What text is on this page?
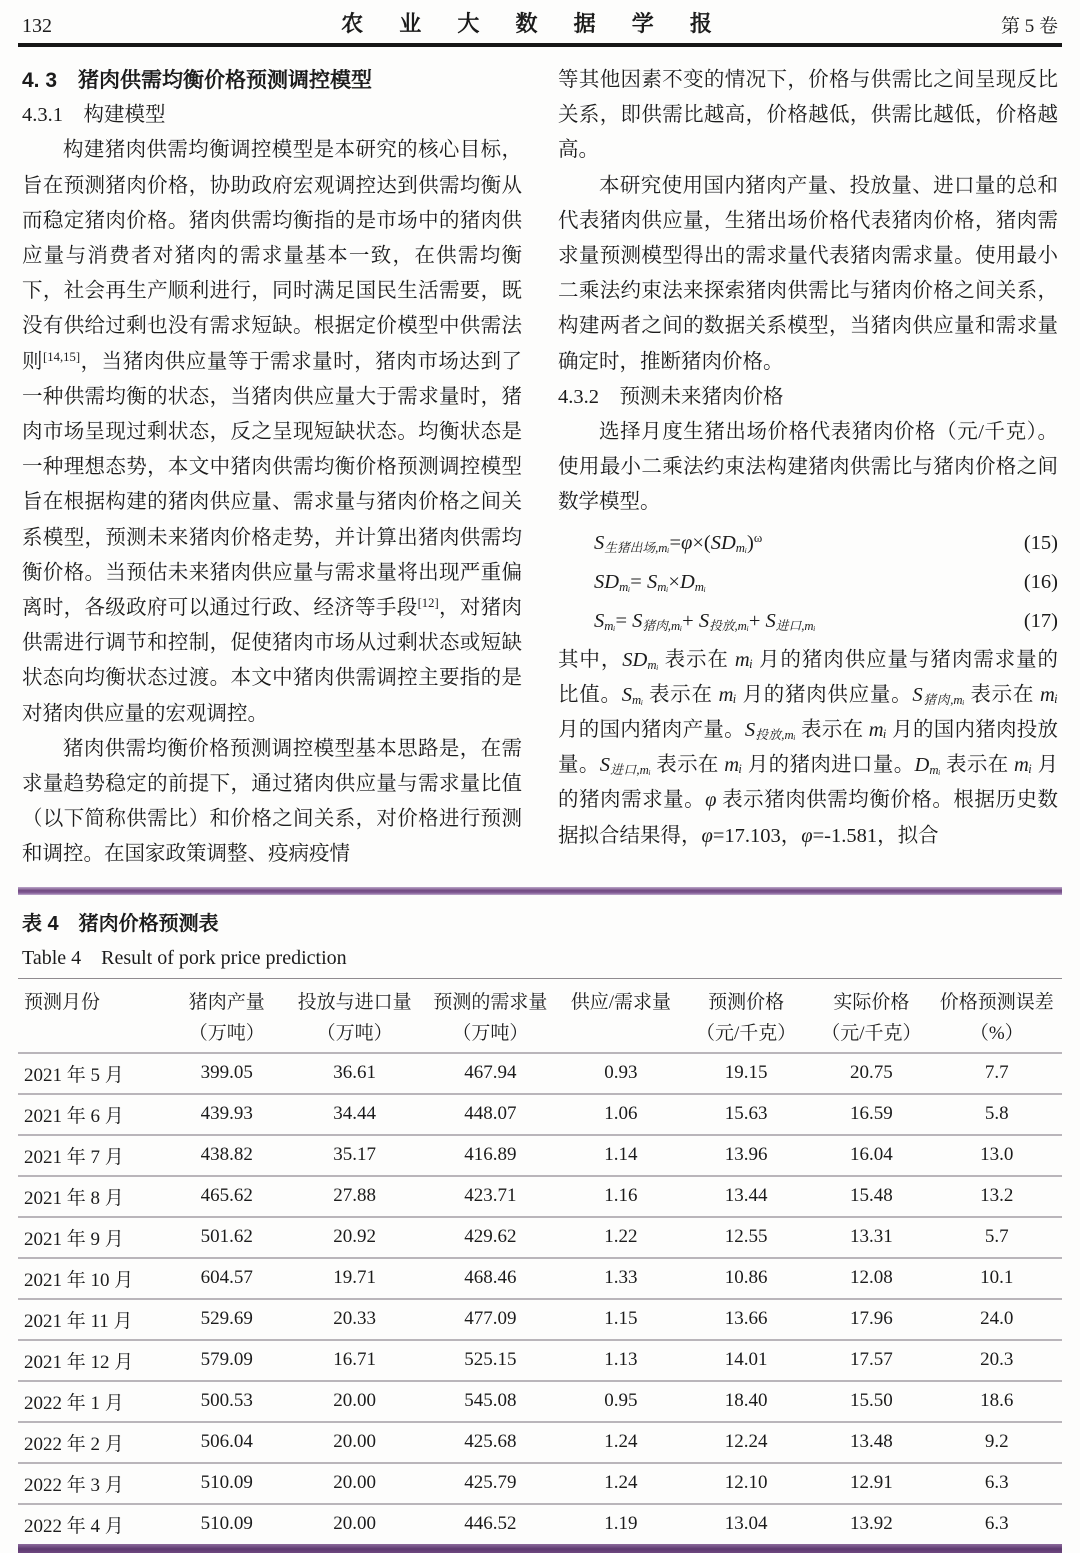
132	农 业 大 数 据 学 报	第 5 卷
4. 3　猪肉供需均衡价格预测调控模型
4.3.1　构建模型

构建猪肉供需均衡调控模型是本研究的核心目标，旨在预测猪肉价格，协助政府宏观调控达到供需均衡从而稳定猪肉价格。猪肉供需均衡指的是市场中的猪肉供应量与消费者对猪肉的需求量基本一致，在供需均衡下，社会再生产顺利进行，同时满足国民生活需要，既没有供给过剩也没有需求短缺。根据定价模型中供需法则[14,15]，当猪肉供应量等于需求量时，猪肉市场达到了一种供需均衡的状态，当猪肉供应量大于需求量时，猪肉市场呈现过剩状态，反之呈现短缺状态。均衡状态是一种理想态势，本文中猪肉供需均衡价格预测调控模型旨在根据构建的猪肉供应量、需求量与猪肉价格之间关系模型，预测未来猪肉价格走势，并计算出猪肉供需均衡价格。当预估未来猪肉供应量与需求量将出现严重偏离时，各级政府可以通过行政、经济等手段[12]，对猪肉供需进行调节和控制，促使猪肉市场从过剩状态或短缺状态向均衡状态过渡。本文中猪肉供需调控主要指的是对猪肉供应量的宏观调控。

猪肉供需均衡价格预测调控模型基本思路是，在需求量趋势稳定的前提下，通过猪肉供应量与需求量比值（以下简称供需比）和价格之间关系，对价格进行预测和调控。在国家政策调整、疫病疫情

等其他因素不变的情况下，价格与供需比之间呈现反比关系，即供需比越高，价格越低，供需比越低，价格越高。

本研究使用国内猪肉产量、投放量、进口量的总和代表猪肉供应量，生猪出场价格代表猪肉价格，猪肉需求量预测模型得出的需求量代表猪肉需求量。使用最小二乘法约束法来探索猪肉供需比与猪肉价格之间关系，构建两者之间的数据关系模型，当猪肉供应量和需求量确定时，推断猪肉价格。

4.3.2　预测未来猪肉价格

选择月度生猪出场价格代表猪肉价格（元/千克）。使用最小二乘法约束法构建猪肉供需比与猪肉价格之间数学模型。

S生猪出场,mᵢ=φ×(SDmᵢ)$^\omega$	(15)
SDmᵢ= Smᵢ×Dmᵢ	(16)
Smᵢ= S猪肉,mᵢ+ S投放,mᵢ+ S进口,mᵢ	(17)

其中，SDmᵢ 表示在 mᵢ 月的猪肉供应量与猪肉需求量的比值。Smᵢ 表示在 mᵢ 月的猪肉供应量。S猪肉,mᵢ 表示在 mᵢ 月的国内猪肉产量。S投放,mᵢ 表示在 mᵢ 月的国内猪肉投放量。S进口,mᵢ 表示在 mᵢ 月的猪肉进口量。Dmᵢ 表示在 mᵢ 月的猪肉需求量。φ 表示猪肉供需均衡价格。根据历史数据拟合结果得，φ=17.103，φ=-1.581，拟合

表 4　猪肉价格预测表
Table 4　Result of pork price prediction
预测月份	猪肉产量	投放与进口量	预测的需求量	供应/需求量	预测价格	实际价格	价格预测误差
	（万吨）	（万吨）	（万吨）		（元/千克）	（元/千克）	（%）
2021 年 5 月	399.05	36.61	467.94	0.93	19.15	20.75	7.7
2021 年 6 月	439.93	34.44	448.07	1.06	15.63	16.59	5.8
2021 年 7 月	438.82	35.17	416.89	1.14	13.96	16.04	13.0
2021 年 8 月	465.62	27.88	423.71	1.16	13.44	15.48	13.2
2021 年 9 月	501.62	20.92	429.62	1.22	12.55	13.31	5.7
2021 年 10 月	604.57	19.71	468.46	1.33	10.86	12.08	10.1
2021 年 11 月	529.69	20.33	477.09	1.15	13.66	17.96	24.0
2021 年 12 月	579.09	16.71	525.15	1.13	14.01	17.57	20.3
2022 年 1 月	500.53	20.00	545.08	0.95	18.40	15.50	18.6
2022 年 2 月	506.04	20.00	425.68	1.24	12.24	13.48	9.2
2022 年 3 月	510.09	20.00	425.79	1.24	12.10	12.91	6.3
2022 年 4 月	510.09	20.00	446.52	1.19	13.04	13.92	6.3
